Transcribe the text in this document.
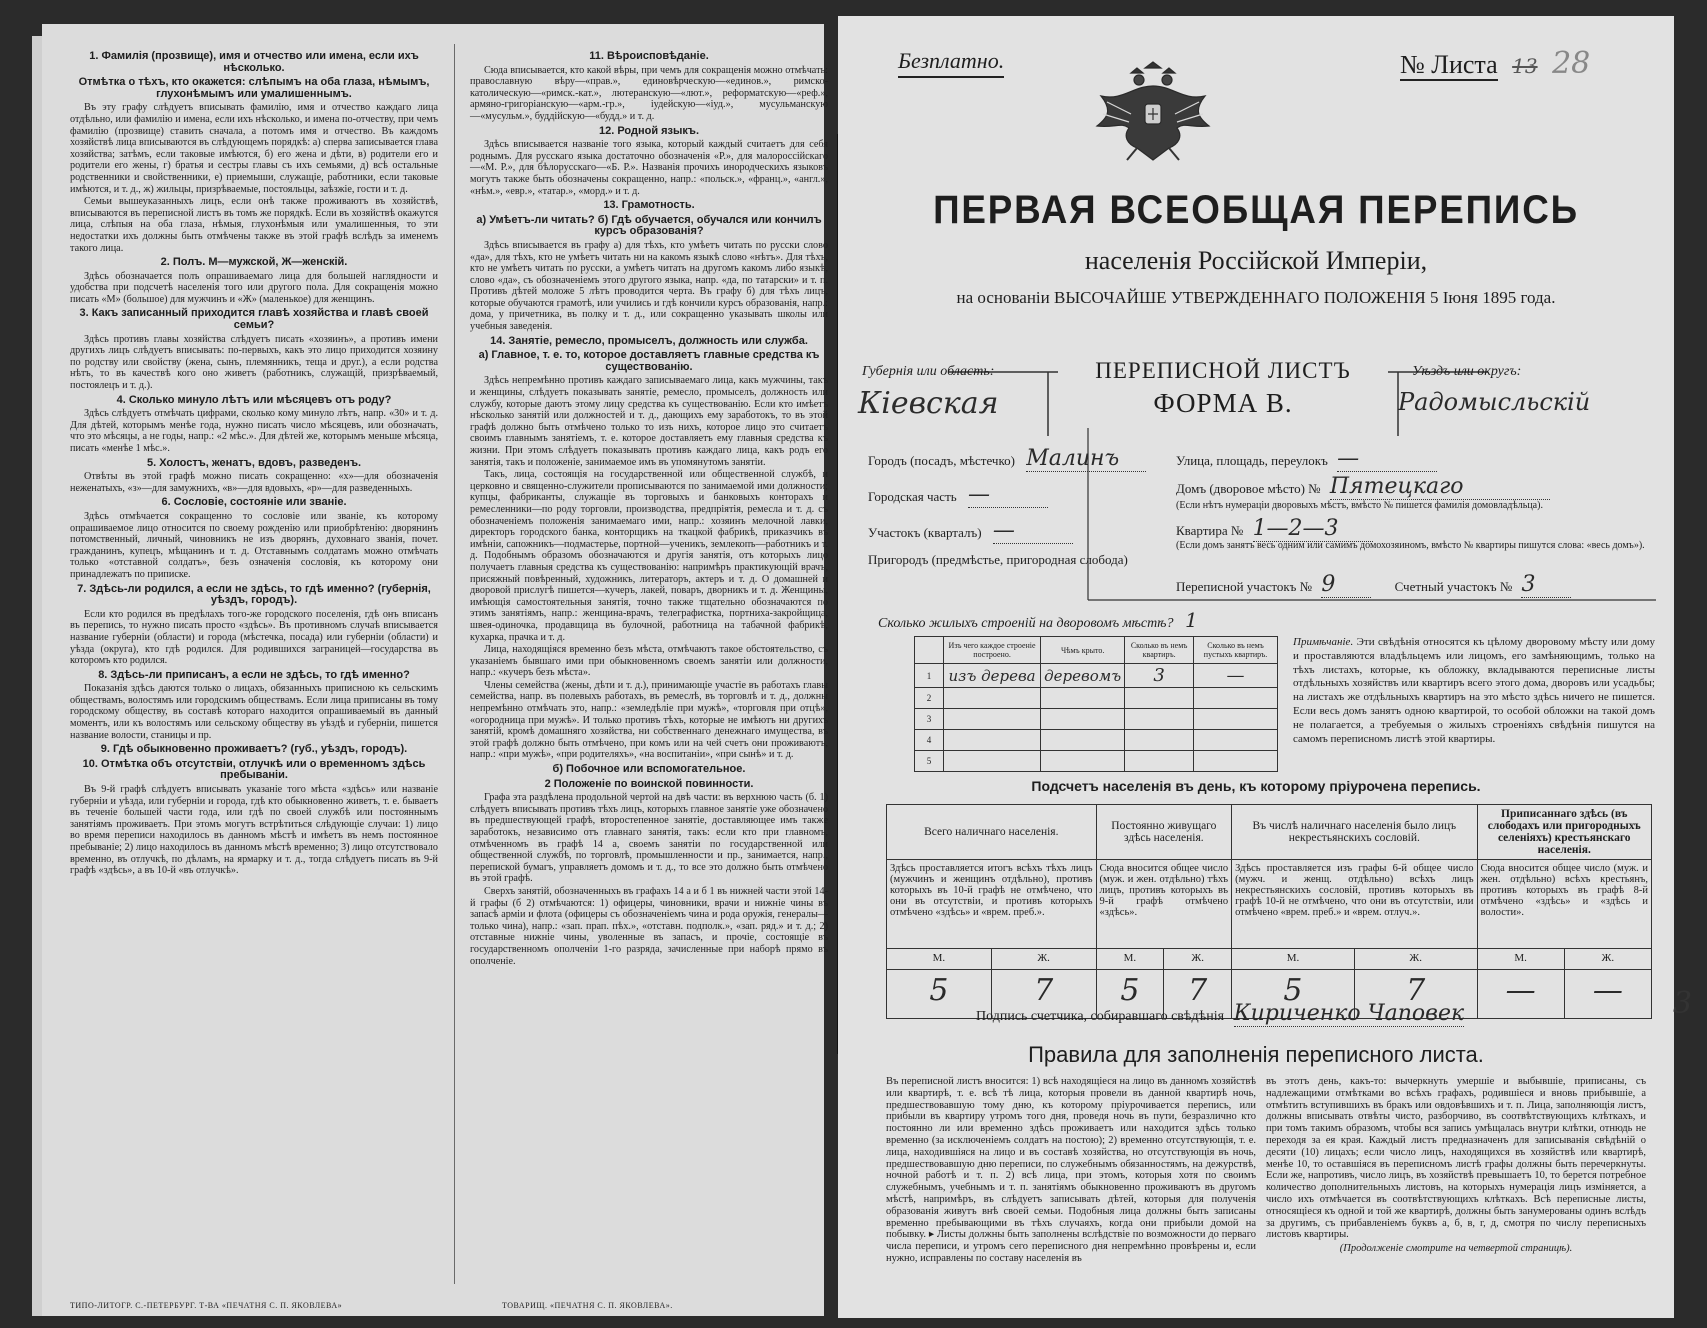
1. Фамилія (прозвище), имя и отчество или имена, если ихъ нѣсколько.
Отмѣтка о тѣхъ, кто окажется: слѣпымъ на оба глаза, нѣмымъ, глухонѣмымъ или умалишеннымъ.

Въ эту графу слѣдуетъ вписывать фамилію, имя и отчество каждаго лица отдѣльно, или фамилію и имена, если ихъ нѣсколько, и имена по-отчеству, при чемъ фамилію (прозвище) ставить сначала, а потомъ имя и отчество. Въ каждомъ хозяйствѣ лица вписываются въ слѣдующемъ порядкѣ: а) сперва записывается глава хозяйства; затѣмъ, если таковые имѣются, б) его жена и дѣти, в) родители его и родители его жены, г) братья и сестры главы съ ихъ семьями, д) всѣ остальные родственники и свойственники, е) приемыши, служащіе, работники, если таковые имѣются, и т. д., ж) жильцы, призрѣваемые, постояльцы, заѣзжіе, гости и т. д.

Семьи вышеуказанныхъ лицъ, если онѣ также проживаютъ въ хозяйствѣ, вписываются въ переписной листъ въ томъ же порядкѣ. Если въ хозяйствѣ окажутся лица, слѣпыя на оба глаза, нѣмыя, глухонѣмыя или умалишенныя, то эти недостатки ихъ должны быть отмѣчены также въ этой графѣ вслѣдъ за именемъ такого лица.

2. Полъ. М—мужской, Ж—женскій.

Здѣсь обозначается полъ опрашиваемаго лица для большей наглядности и удобства при подсчетѣ населенія того или другого пола. Для сокращенія можно писать «М» (большое) для мужчинъ и «Ж» (маленькое) для женщинъ.

3. Какъ записанный приходится главѣ хозяйства и главѣ своей семьи?

Здѣсь противъ главы хозяйства слѣдуетъ писать «хозяинъ», а противъ имени другихъ лицъ слѣдуетъ вписывать: по-первыхъ, какъ это лицо приходится хозяину по родству или свойству (жена, сынъ, племянникъ, теща и друг.), а если родства нѣтъ, то въ качествѣ кого оно живетъ (работникъ, служащій, призрѣваемый, постоялецъ и т. д.).

4. Сколько минуло лѣтъ или мѣсяцевъ отъ роду?

Здѣсь слѣдуетъ отмѣчать цифрами, сколько кому минуло лѣтъ, напр. «30» и т. д. Для дѣтей, которымъ менѣе года, нужно писать число мѣсяцевъ, или обозначать, что это мѣсяцы, а не годы, напр.: «2 мѣс.». Для дѣтей же, которымъ меньше мѣсяца, писать «менѣе 1 мѣс.».

5. Холостъ, женатъ, вдовъ, разведенъ.

Отвѣты въ этой графѣ можно писать сокращенно: «х»—для обозначенія неженатыхъ, «з»—для замужнихъ, «в»—для вдовыхъ, «р»—для разведенныхъ.

6. Сословіе, состояніе или званіе.

Здѣсь отмѣчается сокращенно то сословіе или званіе, къ которому опрашиваемое лицо относится по своему рожденію или приобрѣтенію: дворянинъ потомственный, личный, чиновникъ не изъ дворянъ, духовнаго званія, почет. гражданинъ, купецъ, мѣщанинъ и т. д. Отставнымъ солдатамъ можно отмѣчать только «отставной солдатъ», безъ означенія сословія, къ которому они принадлежатъ по приписке.

7. Здѣсь-ли родился, а если не здѣсь, то гдѣ именно? (губернія, уѣздъ, городъ).

Если кто родился въ предѣлахъ того-же городского поселенія, гдѣ онъ вписанъ въ перепись, то нужно писать просто «здѣсь». Въ противномъ случаѣ вписывается название губерніи (области) и города (мѣстечка, посада) или губерніи (области) и уѣзда (округа), кто гдѣ родился. Для родившихся заграницей—государства въ которомъ кто родился.

8. Здѣсь-ли приписанъ, а если не здѣсь, то гдѣ именно?

Показанія здѣсь даются только о лицахъ, обязанныхъ приписною къ сельскимъ обществамъ, волостямъ или городскимъ обществамъ. Если лица приписаны въ тому городскому обществу, въ составѣ котораго находится опрашиваемый въ данный моментъ, или къ волостямъ или сельскому обществу въ уѣздѣ и губерніи, пишется название волости, станицы и пр.

9. Гдѣ обыкновенно проживаетъ? (губ., уѣздъ, городъ).
10. Отмѣтка объ отсутствіи, отлучкѣ или о временномъ здѣсь пребываніи.

Въ 9-й графѣ слѣдуетъ вписывать указаніе того мѣста «здѣсь» или названіе губерніи и уѣзда, или губерніи и города, гдѣ кто обыкновенно живетъ, т. е. бываетъ въ теченіе большей части года, или гдѣ по своей службѣ или постояннымъ занятіямъ проживаетъ. При этомъ могутъ встрѣтиться слѣдующіе случаи: 1) лицо во время переписи находилось въ данномъ мѣстѣ и имѣетъ въ немъ постоянное пребываніе; 2) лицо находилось въ данномъ мѣстѣ временно; 3) лицо отсутствовало временно, въ отлучкѣ, по дѣламъ, на ярмарку и т. д., тогда слѣдуетъ писать въ 9-й графѣ «здѣсь», а въ 10-й «въ отлучкѣ».

11. Вѣроисповѣданіе.

Сюда вписывается, кто какой вѣры, при чемъ для сокращенія можно отмѣчать: православную вѣру—«прав.», единовѣрческую—«единов.», римско-католическую—«римск.-кат.», лютеранскую—«лют.», реформатскую—«реф.», армяно-григоріанскую—«арм.-гр.», іудейскую—«іуд.», мусульманскую—«мусульм.», буддійскую—«будд.» и т. д.

12. Родной языкъ.

Здѣсь вписывается названіе того языка, который каждый считаетъ для себя роднымъ. Для русскаго языка достаточно обозначенія «Р.», для малороссійскаго—«М. Р.», для бѣлорусскаго—«Б. Р.». Названія прочихъ инородческихъ языковъ могутъ также быть обозначены сокращенно, напр.: «польск.», «франц.», «англ.», «нѣм.», «евр.», «татар.», «морд.» и т. д.

13. Грамотность.
а) Умѣетъ-ли читать? б) Гдѣ обучается, обучался или кончилъ курсъ образованія?

Здѣсь вписывается въ графу а) для тѣхъ, кто умѣетъ читать по русски слово «да», для тѣхъ, кто не умѣетъ читать ни на какомъ языкѣ слово «нѣтъ». Для тѣхъ, кто не умѣетъ читать по русски, а умѣетъ читать на другомъ какомъ либо языкѣ, слово «да», съ обозначеніемъ этого другого языка, напр. «да, по татарски» и т. п. Противъ дѣтей моложе 5 лѣтъ проводится черта. Въ графу б) для тѣхъ лицъ, которые обучаются грамотѣ, или учились и гдѣ кончили курсъ образованія, напр.: дома, у причетника, въ полку и т. д., или сокращенно указывать школы или учебныя заведенія.

14. Занятіе, ремесло, промыселъ, должность или служба.
а) Главное, т. е. то, которое доставляетъ главные средства къ существованію.

Здѣсь непремѣнно противъ каждаго записываемаго лица, какъ мужчины, такъ и женщины, слѣдуетъ показывать занятіе, ремесло, промыселъ, должность или службу, которые даютъ этому лицу средства къ существованію. Если кто имѣетъ нѣсколько занятій или должностей и т. д., дающихъ ему заработокъ, то въ этой графѣ должно быть отмѣчено только то изъ нихъ, которое лицо это считаетъ своимъ главнымъ занятіемъ, т. е. которое доставляетъ ему главныя средства къ жизни. При этомъ слѣдуетъ показывать противъ каждаго лица, какъ родъ его занятія, такъ и положеніе, занимаемое имъ въ упомянутомъ занятіи.

Такъ, лица, состоящія на государственной или общественной службѣ, и церковно и священно-служители прописываются по занимаемой ими должности; купцы, фабриканты, служащіе въ торговыхъ и банковыхъ конторахъ и ремесленники—по роду торговли, производства, предпріятія, ремесла и т. д. съ обозначеніемъ положенія занимаемаго ими, напр.: хозяинъ мелочной лавки, директоръ городского банка, конторщикъ на ткацкой фабрикѣ, приказчикъ въ имѣніи, сапожникъ—подмастерье, портной—ученикъ, землекопъ—работникъ и т. д. Подобнымъ образомъ обозначаются и другія занятія, отъ которыхъ лицо получаетъ главныя средства къ существованію: напримѣръ практикующій врачъ, присяжный повѣренный, художникъ, литераторъ, актеръ и т. д. О домашней и дворовой прислугѣ пишется—кучеръ, лакей, поваръ, дворникъ и т. д. Женщины, имѣющія самостоятельныя занятія, точно также тщательно обозначаются по этимъ занятіямъ, напр.: женщина-врачъ, телеграфистка, портниха-закройщица, швея-одиночка, продавщица въ булочной, работница на табачной фабрикѣ, кухарка, прачка и т. д.

Лица, находящіяся временно безъ мѣста, отмѣчаютъ такое обстоятельство, съ указаніемъ бывшаго ими при обыкновенномъ своемъ занятіи или должности, напр.: «кучеръ безъ мѣста».

Члены семейства (жены, дѣти и т. д.), принимающіе участіе въ работахъ главы семейства, напр. въ полевыхъ работахъ, въ ремеслѣ, въ торговлѣ и т. д., должны непремѣнно отмѣчать это, напр.: «земледѣліе при мужѣ», «торговля при отцѣ», «огородница при мужѣ». И только противъ тѣхъ, которые не имѣютъ ни другихъ занятій, кромѣ домашняго хозяйства, ни собственнаго денежнаго имущества, въ этой графѣ должно быть отмѣчено, при комъ или на чей счетъ они проживаютъ, напр.: «при мужѣ», «при родителяхъ», «на воспитаніи», «при сынѣ» и т. д.

б) Побочное или вспомогательное.
2 Положеніе по воинской повинности.

Графа эта раздѣлена продольной чертой на двѣ части: въ верхнюю часть (б. 1) слѣдуетъ вписывать противъ тѣхъ лицъ, которыхъ главное занятіе уже обозначено въ предшествующей графѣ, второстепенное занятіе, доставляющее имъ также заработокъ, независимо отъ главнаго занятія, такъ: если кто при главномъ, отмѣченномъ въ графѣ 14 а, своемъ занятіи по государственной или общественной службѣ, по торговлѣ, промышленности и пр., занимается, напр., перепиской бумагъ, управляетъ домомъ и т. д., то все это должно быть отмѣчено въ этой графѣ.

Сверхъ занятій, обозначенныхъ въ графахъ 14 а и б 1 въ нижней части этой 14-й графы (б 2) отмѣчаются: 1) офицеры, чиновники, врачи и нижніе чины въ запасѣ арміи и флота (офицеры съ обозначеніемъ чина и рода оружія, генералы—только чина), напр.: «зап. прап. пѣх.», «отставн. подполк.», «зап. ряд.» и т. д.; 2) отставные нижніе чины, уволенные въ запасъ, и прочіе, состоящіе въ государственномъ ополченіи 1-го разряда, зачисленные при наборѣ прямо въ ополченіе.

ТИПО-ЛИТОГР. С.-ПЕТЕРБУРГ. Т-ВА «ПЕЧАТНЯ С. П. ЯКОВЛЕВА»	ТОВАРИЩ. «ПЕЧАТНЯ С. П. ЯКОВЛЕВА».
Безплатно.	№ Листа 13 28
ПЕРВАЯ ВСЕОБЩАЯ ПЕРЕПИСЬ
населенія Россійской Имперіи,
на основаніи ВЫСОЧАЙШЕ УТВЕРЖДЕННАГО ПОЛОЖЕНІЯ 5 Іюня 1895 года.
Губернія или область:
Кіевская
ПЕРЕПИСНОЙ ЛИСТЪ
ФОРМА В.
Уѣздъ или округъ:
Радомысльскій
Городъ (посадъ, мѣстечко) Малинъ
Городская часть —
Участокъ (кварталъ) —
Пригородъ (предмѣстье, пригородная слобода)
Улица, площадь, переулокъ —
Домъ (дворовое мѣсто) № Пятецкаго
(Если нѣтъ нумераціи дворовыхъ мѣстъ, вмѣсто № пишется фамилія домовладѣльца).
Квартира № 1—2—3
(Если домъ занятъ весь одним или самимъ домохозяиномъ, вмѣсто № квартиры пишутся слова: «весь домъ»).
Переписной участокъ № 9	Счетный участокъ № 3
Сколько жилыхъ строеній на дворовомъ мѣстѣ? 1
	Изъ чего каждое строеніе построено.	Чѣмъ крыто.	Сколько въ немъ квартиръ.	Сколько въ немъ пустыхъ квартиръ.
1	изъ дерева	деревомъ	3	—
2				
3				
4				
5				
Примѣчаніе. Эти свѣдѣнія относятся къ цѣлому дворовому мѣсту или дому и проставляются владѣльцемъ или лицомъ, его замѣняющимъ, только на тѣхъ листахъ, которые, къ обложку, вкладываются переписные листы отдѣльныхъ хозяйствъ или квартиръ всего этого дома, дворовъ или усадьбы; на листахъ же отдѣльныхъ квартиръ на это мѣсто здѣсь ничего не пишется. Если весь домъ занятъ одною квартирой, то особой обложки на такой домъ не полагается, а требуемыя о жилыхъ строеніяхъ свѣдѣнія пишутся на самомъ переписномъ листѣ этой квартиры.
Подсчетъ населенія въ день, къ которому пріурочена перепись.
Всего наличнаго населенія.		Постоянно живущаго здѣсь населенія.		Въ числѣ наличнаго населенія было лицъ некрестьянскихъ сословій.		Приписаннаго здѣсь (въ слободахъ или пригородныхъ селеніяхъ) крестьянскаго населенія.	
Здѣсь проставляется итогъ всѣхъ тѣхъ лицъ (мужчинъ и женщинъ отдѣльно), противъ которыхъ въ 10-й графѣ не отмѣчено, что они въ отсутствіи, и противъ которыхъ отмѣчено «здѣсь» и «врем. преб.».		Сюда вносится общее число (муж. и жен. отдѣльно) тѣхъ лицъ, противъ которыхъ въ 9-й графѣ отмѣчено «здѣсь».		Здѣсь проставляется изъ графы 6-й общее число (мужч. и женщ. отдѣльно) всѣхъ лицъ некрестьянскихъ сословій, противъ которыхъ въ графѣ 10-й не отмѣчено, что они въ отсутствіи, или отмѣчено «врем. преб.» и «врем. отлуч.».		Сюда вносится общее число (муж. и жен. отдѣльно) всѣхъ крестьянъ, противъ которыхъ въ графѣ 8-й отмѣчено «здѣсь» и «здѣсь и волости».	
М.	Ж.	М.	Ж.	М.	Ж.	М.	Ж.
5	7	5	7	5	7	—	—
Подпись счетчика, собиравшаго свѣдѣнія Кириченко Чаповек	3
Правила для заполненія переписного листа.
Въ переписной листъ вносится: 1) всѣ находящіеся на лицо въ данномъ хозяйствѣ или квартирѣ, т. е. всѣ тѣ лица, которыя провели въ данной квартирѣ ночь, предшествовавшую тому дню, къ которому пріурочивается перепись, или прибыли въ квартиру утромъ того дня, проведя ночь въ пути, безразлично кто постоянно ли или временно здѣсь проживаетъ или находится здѣсь только временно (за исключеніемъ солдатъ на постою); 2) временно отсутствующія, т. е. лица, находившіяся на лицо и въ составѣ хозяйства, но отсутствующія въ ночь, предшествовавшую дню переписи, по служебнымъ обязанностямъ, на дежурствѣ, ночной работѣ и т. п. 2) всѣ лица, при этомъ, которыя хотя по своимъ служебнымъ, учебнымъ и т. п. занятіямъ обыкновенно проживаютъ въ другомъ мѣстѣ, напримѣръ, въ слѣдуетъ записывать дѣтей, которыя для полученія образованія живутъ внѣ своей семьи. Подобныя лица должны быть записаны временно пребывающими въ тѣхъ случаяхъ, когда они прибыли домой на побывку. ▸ Листы должны быть заполнены вслѣдствіе по возможности до перваго числа переписи, и утромъ сего переписного дня непремѣнно провѣрены и, если нужно, исправлены по составу населенія въ
въ этотъ день, какъ-то: вычеркнуть умершіе и выбывшіе, приписаны, съ надлежащими отмѣтками во всѣхъ графахъ, родившіеся и вновь прибывшіе, а отмѣтить вступившихъ въ бракъ или овдовѣвшихъ и т. п. Лица, заполняющія листъ, должны вписывать отвѣты чисто, разборчиво, въ соотвѣтствующихъ клѣткахъ, и при томъ такимъ образомъ, чтобы вся запись умѣщалась внутри клѣтки, отнюдь не переходя за ея края. Каждый листъ предназначенъ для записыванія свѣдѣній о десяти (10) лицахъ; если число лицъ, находящихся въ хозяйствѣ или квартирѣ, менѣе 10, то оставшіяся въ переписномъ листѣ графы должны быть перечеркнуты. Если же, напротивъ, число лицъ, въ хозяйствѣ превышаетъ 10, то берется потребное количество дополнительныхъ листовъ, на которыхъ нумерація лицъ изміняется, а число ихъ отмѣчается въ соотвѣтствующихъ клѣткахъ. Всѣ переписные листы, относящіеся къ одной и той же квартирѣ, должны быть занумерованы одинъ вслѣдъ за другимъ, съ прибавленіемъ буквъ а, б, в, г, д, смотря по числу переписныхъ листовъ квартиры.
(Продолженіе смотрите на четвертой страницѣ).
